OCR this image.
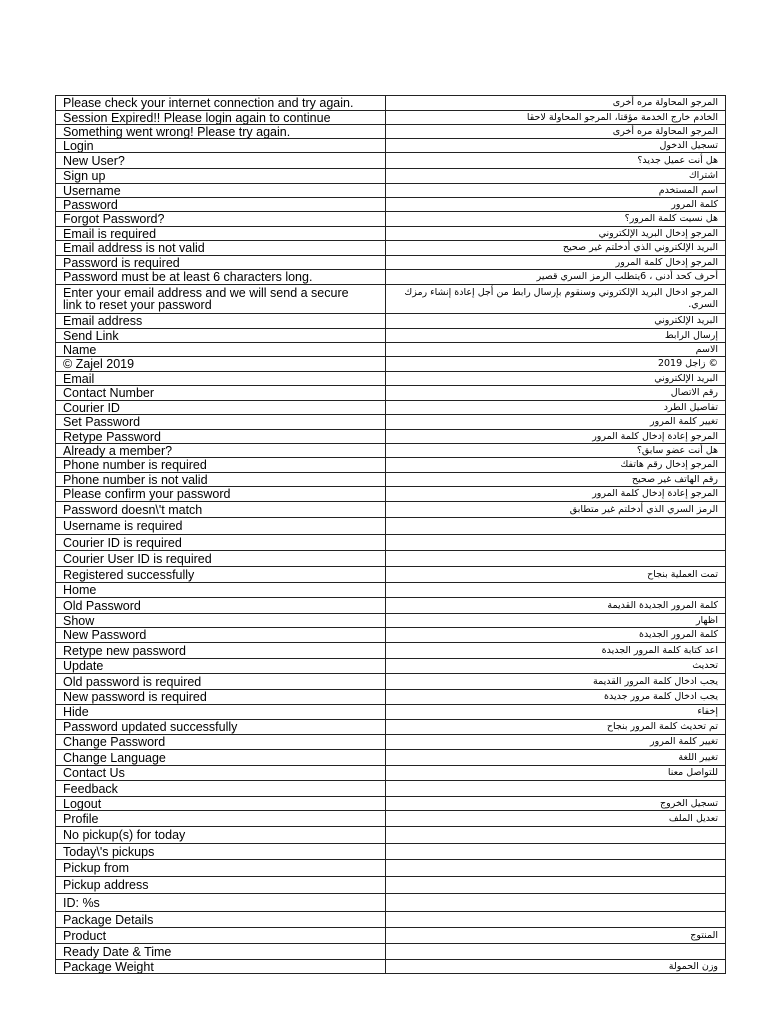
Please check your internet connection and try again.	المرجو المحاولة مره أخرى
Session Expired!! Please login again to continue	الخادم خارج الخدمة مؤقتا، المرجو المحاولة لاحقا
Something went wrong! Please try again.	المرجو المحاولة مره أخرى
Login	تسجيل الدخول
New User?	هل أنت عميل جديد؟
Sign up	اشتراك
Username	اسم المستخدم
Password	كلمة المرور
Forgot Password?	هل نسيت كلمة المرور؟
Email is required	المرجو إدخال البريد الإلكتروني
Email address is not valid	البريد الإلكتروني الذي أدخلتم غير صحيح
Password is required	المرجو إدخال كلمة المرور
Password must be at least 6 characters long.	أحرف كحد أدنى ، 6يتطلب الرمز السري قصير
Enter your email address and we will send a secure
link to reset your password	المرجو ادخال البريد الإلكتروني وسنقوم بإرسال رابط من أجل إعادة إنشاء رمزك السري.
Email address	البريد الإلكتروني
Send Link	إرسال الرابط
Name	الاسم
© Zajel 2019	© زاجل 2019
Email	البريد الإلكتروني
Contact Number	رقم الاتصال
Courier ID	تفاصيل الطرد
Set Password	تغيير كلمة المرور
Retype Password	المرجو إعادة إدخال كلمة المرور
Already a member?	هل أنت عضو سابق؟
Phone number is required	المرجو إدخال رقم هاتفك
Phone number is not valid	رقم الهاتف غير صحيح
Please confirm your password	المرجو إعادة إدخال كلمة المرور
Password doesn\'t match	الرمز السري الذي أدخلتم غير متطابق
Username is required	
Courier ID is required	
Courier User ID is required	
Registered successfully	تمت العملية بنجاح
Home	
Old Password	كلمة المرور الجديدة القديمة
Show	اظهار
New Password	كلمة المرور الجديدة
Retype new password	اعد كتابة كلمة المرور الجديدة
Update	تحديث
Old password is required	يجب ادخال كلمة المرور القديمة
New password is required	يجب ادخال كلمة مرور جديدة
Hide	إخفاء
Password updated successfully	تم تحديث كلمة المرور بنجاح
Change Password	تغيير كلمة المرور
Change Language	تغيير اللغة
Contact Us	للتواصل معنا
Feedback	
Logout	تسجيل الخروج
Profile	تعديل الملف
No pickup(s) for today	
Today\'s pickups	
Pickup from	
Pickup address	
ID: %s	
Package Details	
Product	المنتوج
Ready Date & Time	
Package Weight	وزن الحمولة
